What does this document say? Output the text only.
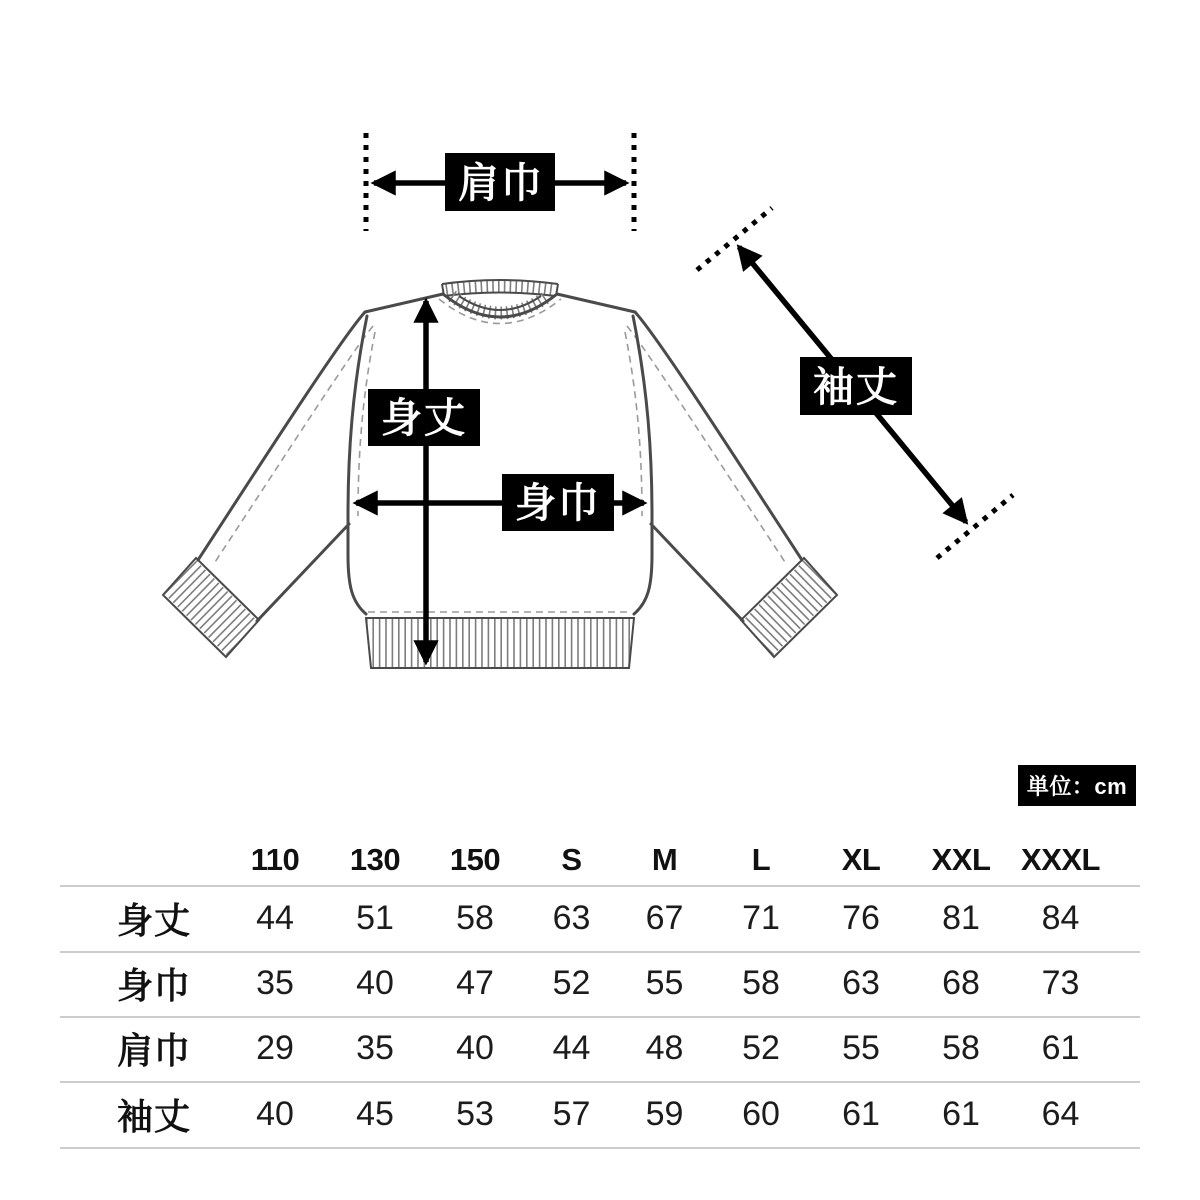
肩巾
身丈
身巾
袖丈
単位：cm
	110	130	150	S	M	L	XL	XXL	XXXL
身丈	44	51	58	63	67	71	76	81	84
身巾	35	40	47	52	55	58	63	68	73
肩巾	29	35	40	44	48	52	55	58	61
袖丈	40	45	53	57	59	60	61	61	64
